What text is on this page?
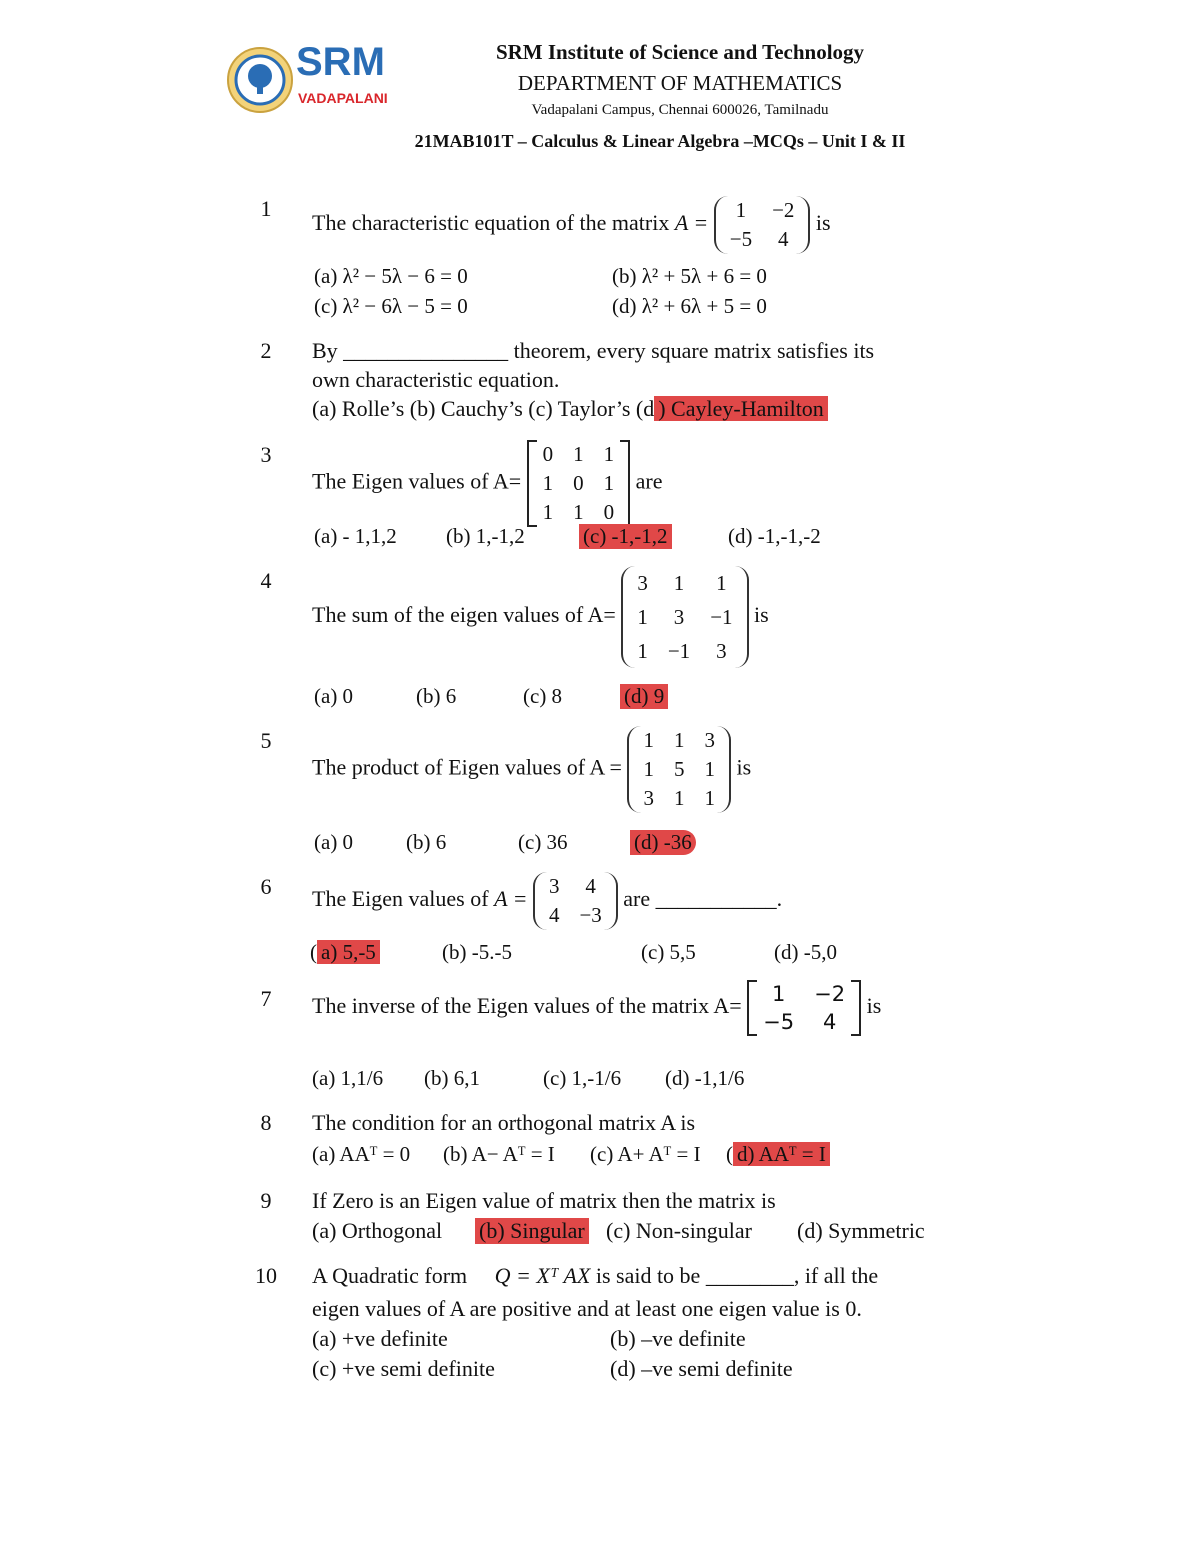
SRM
VADAPALANI
SRM Institute of Science and Technology
DEPARTMENT OF MATHEMATICS
Vadapalani Campus, Chennai 600026, Tamilnadu
21MAB101T – Calculus & Linear Algebra –MCQs – Unit I & II
1
The characteristic equation of the matrix A =
1	−2
−5	4
is
(a) λ² − 5λ − 6 = 0	(b) λ² + 5λ + 6 = 0
(c) λ² − 6λ − 5 = 0	(d) λ² + 6λ + 5 = 0
2	By _______________ theorem, every square matrix satisfies its
own characteristic equation.
(a) Rolle’s (b) Cauchy’s (c) Taylor’s (d ) Cayley-Hamilton
3
The Eigen values of A=
0	1	1
1	0	1
1	1	0
are
(a) - 1,1,2 (b) 1,-1,2	(c) -1,-1,2	(d) -1,-1,-2
4
The sum of the eigen values of A=
3	1	1
1	3	−1
1	−1	3
is
(a) 0	(b) 6	(c) 8	(d) 9
5
The product of Eigen values of A =
1	1	3
1	5	1
3	1	1
is
(a) 0	(b) 6	(c) 36	(d) -36
6	The Eigen values of A =
3	4
4	−3
are ___________.
( a) 5,-5	(b) -5.-5	(c) 5,5	(d) -5,0
7	The inverse of the Eigen values of the matrix A= 1	−2
−5	4
is
(a) 1,1/6 (b) 6,1	(c) 1,-1/6 (d) -1,1/6
8	The condition for an orthogonal matrix A is
(a) AAᵀ = 0 (b) A− Aᵀ = I (c) A+ Aᵀ = I ( d) AAᵀ = I
9	If Zero is an Eigen value of matrix then the matrix is
(a) Orthogonal (b) Singular (c) Non-singular (d) Symmetric
10	A Quadratic form Q = Xᵀ AX is said to be ________, if all the
eigen values of A are positive and at least one eigen value is 0.
(a) +ve definite	(b) –ve definite
(c) +ve semi definite	(d) –ve semi definite
